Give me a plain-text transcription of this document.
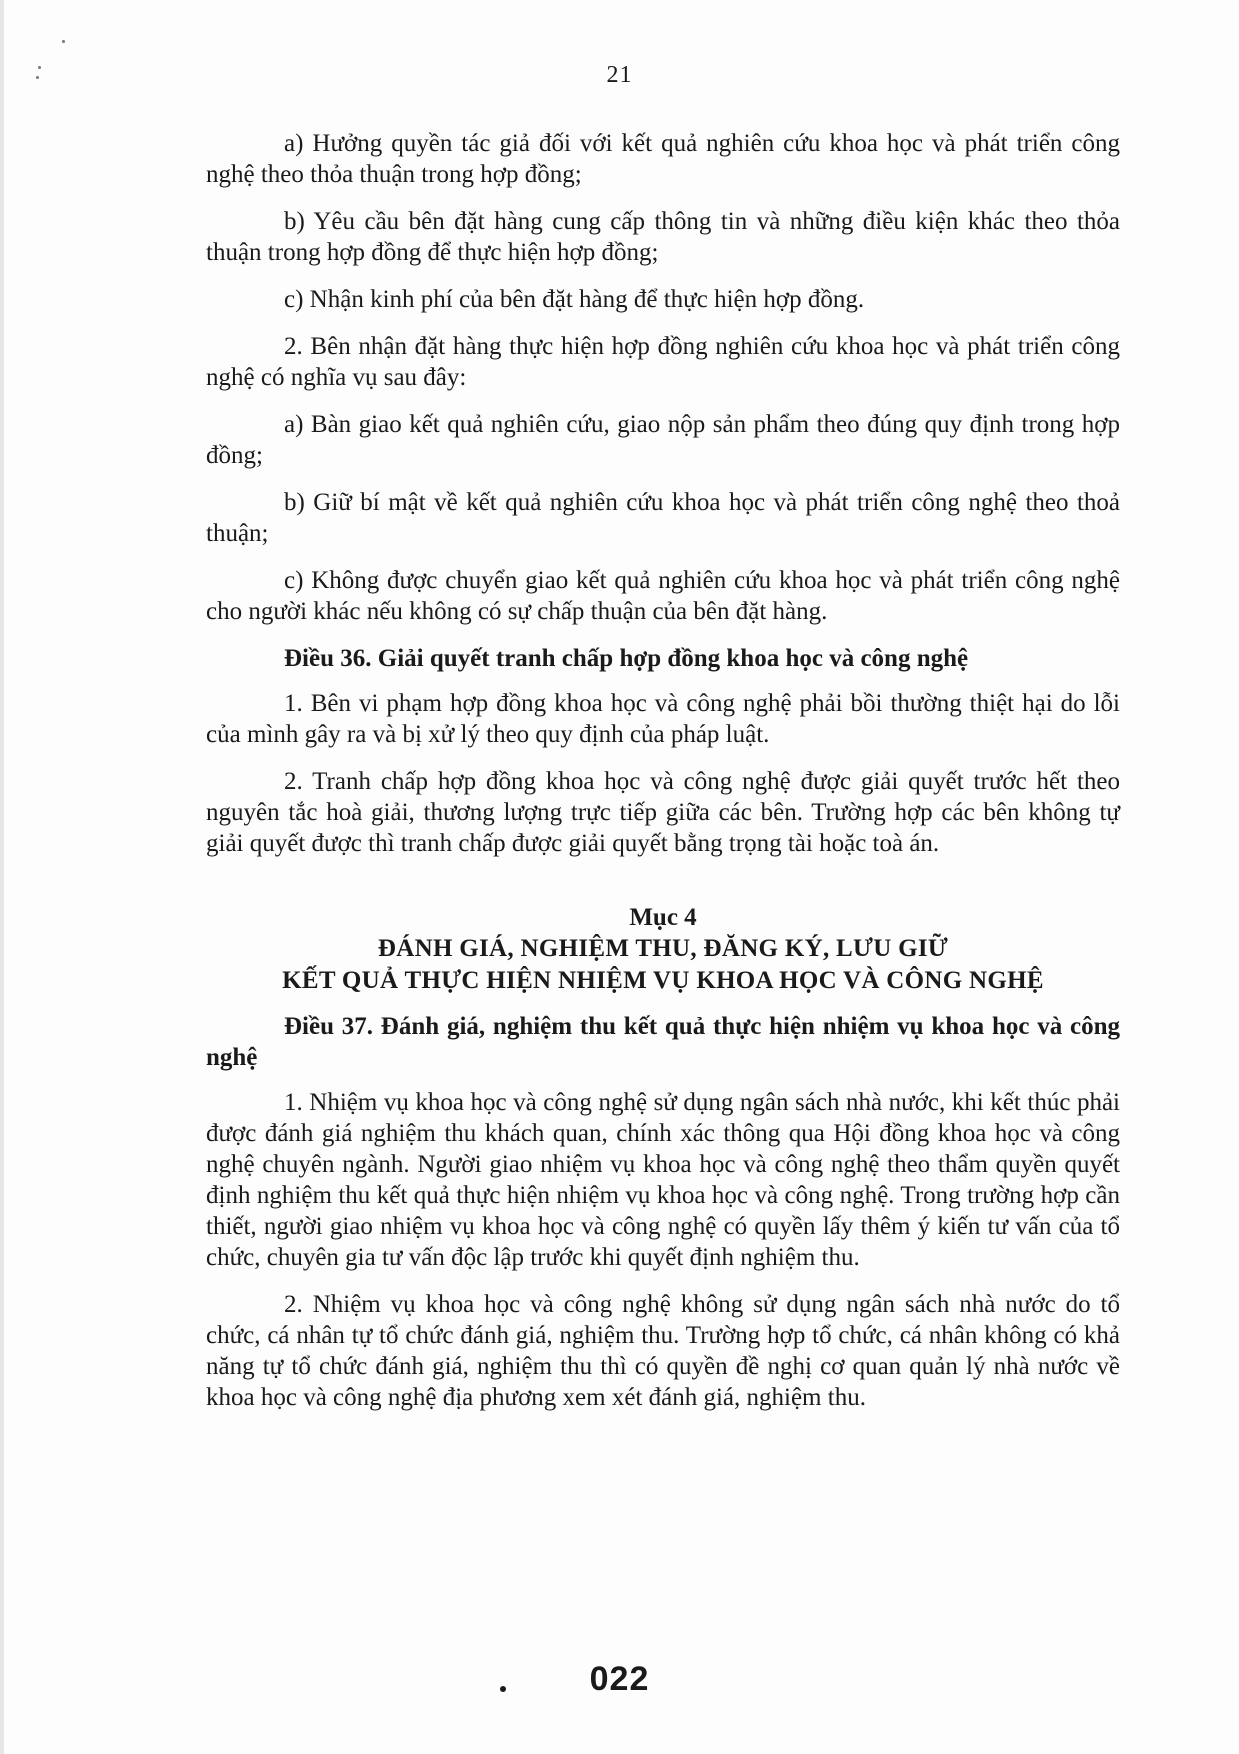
21

a) Hưởng quyền tác giả đối với kết quả nghiên cứu khoa học và phát triển công nghệ theo thỏa thuận trong hợp đồng;

b) Yêu cầu bên đặt hàng cung cấp thông tin và những điều kiện khác theo thỏa thuận trong hợp đồng để thực hiện hợp đồng;

c) Nhận kinh phí của bên đặt hàng để thực hiện hợp đồng.

2. Bên nhận đặt hàng thực hiện hợp đồng nghiên cứu khoa học và phát triển công nghệ có nghĩa vụ sau đây:

a) Bàn giao kết quả nghiên cứu, giao nộp sản phẩm theo đúng quy định trong hợp đồng;

b) Giữ bí mật về kết quả nghiên cứu khoa học và phát triển công nghệ theo thoả thuận;

c) Không được chuyển giao kết quả nghiên cứu khoa học và phát triển công nghệ cho người khác nếu không có sự chấp thuận của bên đặt hàng.

Điều 36. Giải quyết tranh chấp hợp đồng khoa học và công nghệ

1. Bên vi phạm hợp đồng khoa học và công nghệ phải bồi thường thiệt hại do lỗi của mình gây ra và bị xử lý theo quy định của pháp luật.

2. Tranh chấp hợp đồng khoa học và công nghệ được giải quyết trước hết theo nguyên tắc hoà giải, thương lượng trực tiếp giữa các bên. Trường hợp các bên không tự giải quyết được thì tranh chấp được giải quyết bằng trọng tài hoặc toà án.

Mục 4
ĐÁNH GIÁ, NGHIỆM THU, ĐĂNG KÝ, LƯU GIỮ
KẾT QUẢ THỰC HIỆN NHIỆM VỤ KHOA HỌC VÀ CÔNG NGHỆ

Điều 37. Đánh giá, nghiệm thu kết quả thực hiện nhiệm vụ khoa học và công nghệ

1. Nhiệm vụ khoa học và công nghệ sử dụng ngân sách nhà nước, khi kết thúc phải được đánh giá nghiệm thu khách quan, chính xác thông qua Hội đồng khoa học và công nghệ chuyên ngành. Người giao nhiệm vụ khoa học và công nghệ theo thẩm quyền quyết định nghiệm thu kết quả thực hiện nhiệm vụ khoa học và công nghệ. Trong trường hợp cần thiết, người giao nhiệm vụ khoa học và công nghệ có quyền lấy thêm ý kiến tư vấn của tổ chức, chuyên gia tư vấn độc lập trước khi quyết định nghiệm thu.

2. Nhiệm vụ khoa học và công nghệ không sử dụng ngân sách nhà nước do tổ chức, cá nhân tự tổ chức đánh giá, nghiệm thu. Trường hợp tổ chức, cá nhân không có khả năng tự tổ chức đánh giá, nghiệm thu thì có quyền đề nghị cơ quan quản lý nhà nước về khoa học và công nghệ địa phương xem xét đánh giá, nghiệm thu.

022
